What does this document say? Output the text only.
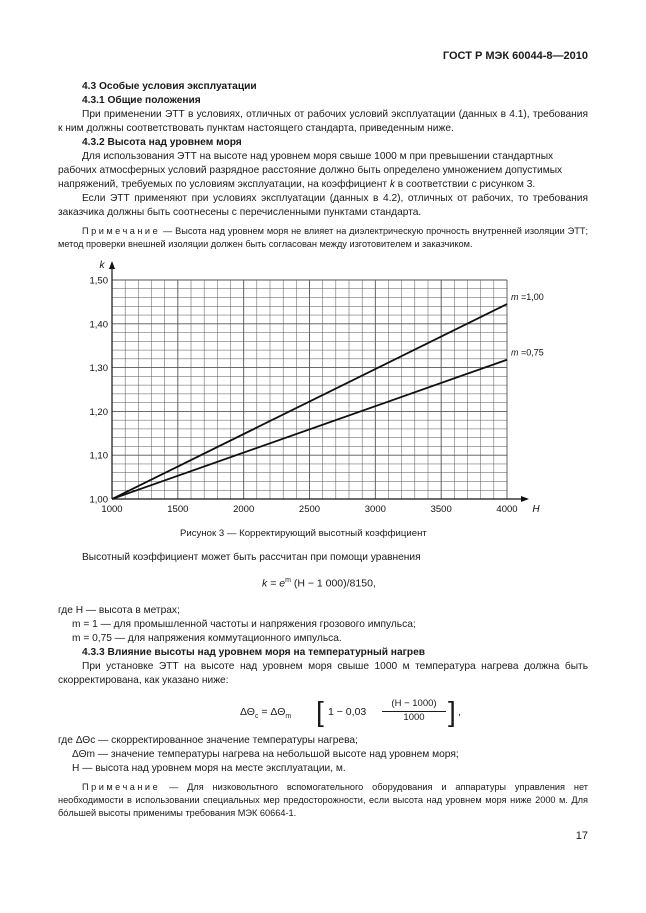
ГОСТ Р МЭК 60044-8—2010
4.3 Особые условия эксплуатации
4.3.1 Общие положения
При применении ЭТТ в условиях, отличных от рабочих условий эксплуатации (данных в 4.1), требования к ним должны соответствовать пунктам настоящего стандарта, приведенным ниже.
4.3.2 Высота над уровнем моря
Для использования ЭТТ на высоте над уровнем моря свыше 1000 м при превышении стандартных
рабочих атмосферных условий разрядное расстояние должно быть определено умножением допустимых
напряжений, требуемых по условиям эксплуатации, на коэффициент k в соответствии с рисунком 3.
Если ЭТТ применяют при условиях эксплуатации (данных в 4.2), отличных от рабочих, то требования заказчика должны быть соотнесены с перечисленными пунктами стандарта.
Примечание — Высота над уровнем моря не влияет на диэлектрическую прочность внутренней изоляции ЭТТ; метод проверки внешней изоляции должен быть согласован между изготовителем и заказчиком.
1000	1500	2000	2500	3000	3500	4000
1,00
1,10
1,20
1,30
1,40
1,50
H
k
m =1,00
m =0,75
Рисунок 3 — Корректирующий высотный коэффициент
Высотный коэффициент может быть рассчитан при помощи уравнения
$k = e^m$ (H − 1 000)/8150,
где H — высота в метрах;
m = 1 — для промышленной частоты и напряжения грозового импульса;
m = 0,75 — для напряжения коммутационного импульса.
4.3.3 Влияние высоты над уровнем моря на температурный нагрев
При установке ЭТТ на высоте над уровнем моря свыше 1000 м температура нагрева должна быть скорректирована, как указано ниже:
$\Delta\Theta_c = \Delta\Theta_m$ [ 1 − 0,03
(H − 1000)
1000 ] ,
где ΔΘc — скорректированное значение температуры нагрева;
ΔΘm — значение температуры нагрева на небольшой высоте над уровнем моря;
H — высота над уровнем моря на месте эксплуатации, м.
Примечание — Для низковольтного вспомогательного оборудования и аппаратуры управления нет необходимости в использовании специальных мер предосторожности, если высота над уровнем моря ниже 2000 м. Для бóльшей высоты применимы требования МЭК 60664-1.
17
